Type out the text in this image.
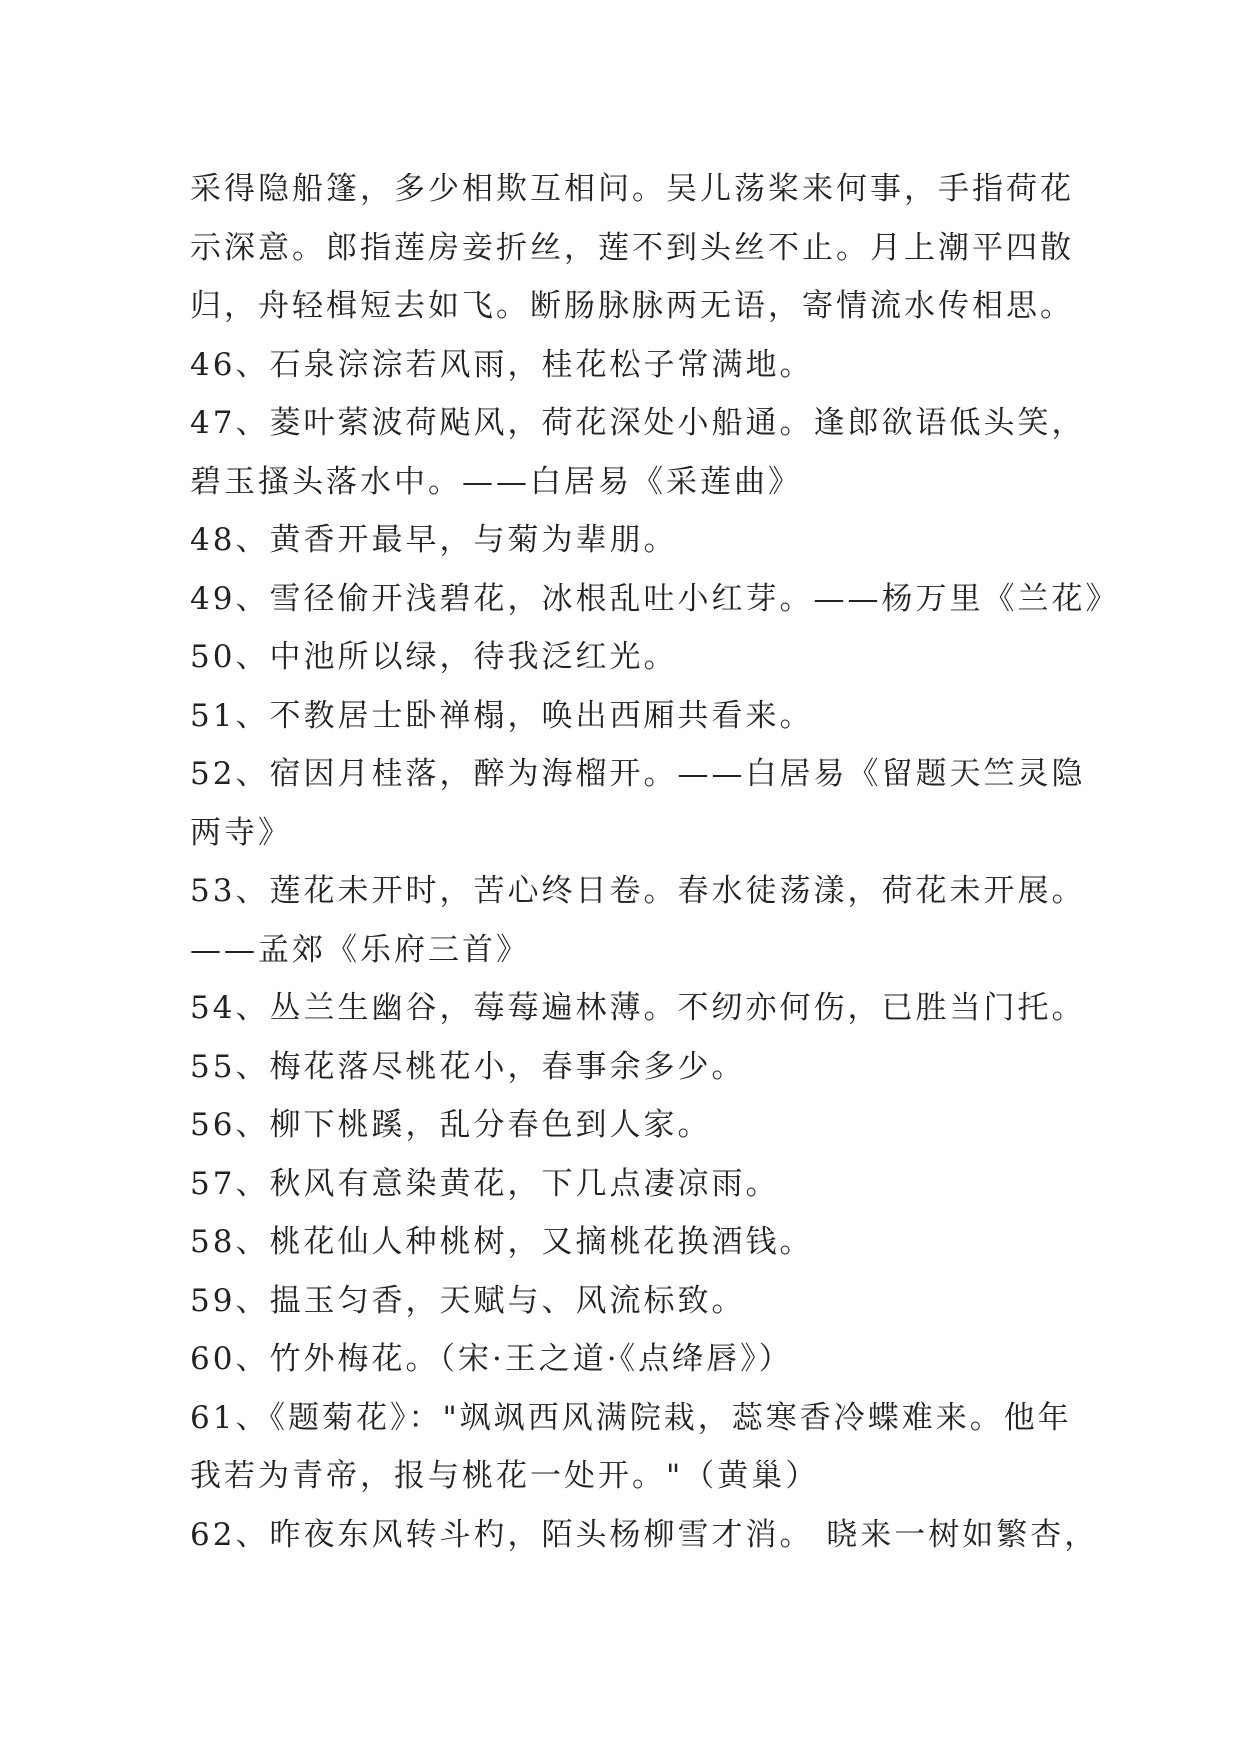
采得隐船篷，多少相欺互相问。吴儿荡桨来何事，手指荷花
示深意。郎指莲房妾折丝，莲不到头丝不止。月上潮平四散
归，舟轻楫短去如飞。断肠脉脉两无语，寄情流水传相思。
46、石泉淙淙若风雨，桂花松子常满地。
47、菱叶萦波荷飐风，荷花深处小船通。逢郎欲语低头笑，
碧玉搔头落水中。——白居易《采莲曲》
48、黄香开最早，与菊为辈朋。
49、雪径偷开浅碧花，冰根乱吐小红芽。——杨万里《兰花》
50、中池所以绿，待我泛红光。
51、不教居士卧禅榻，唤出西厢共看来。
52、宿因月桂落，醉为海榴开。——白居易《留题天竺灵隐
两寺》
53、莲花未开时，苦心终日卷。春水徒荡漾，荷花未开展。
——孟郊《乐府三首》
54、丛兰生幽谷，莓莓遍林薄。不纫亦何伤，已胜当门托。
55、梅花落尽桃花小，春事余多少。
56、柳下桃蹊，乱分春色到人家。
57、秋风有意染黄花，下几点凄凉雨。
58、桃花仙人种桃树，又摘桃花换酒钱。
59、揾玉匀香，天赋与、风流标致。
60、竹外梅花。（宋·王之道·《点绛唇》）
61、《题菊花》："飒飒西风满院栽，蕊寒香冷蝶难来。他年
我若为青帝，报与桃花一处开。"（黄巢）
62、昨夜东风转斗杓，陌头杨柳雪才消。 晓来一树如繁杏，
